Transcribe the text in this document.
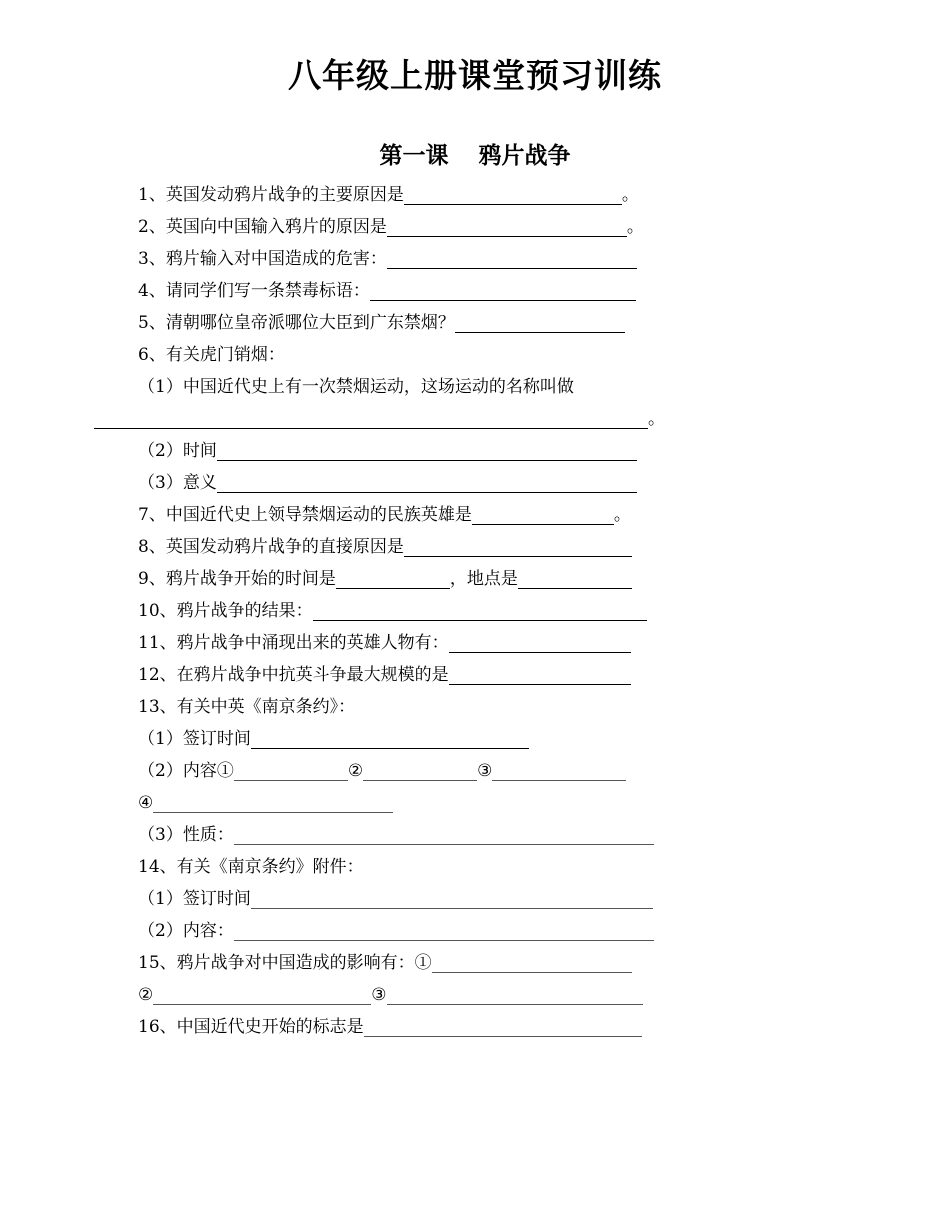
八年级上册课堂预习训练
第一课 鸦片战争
1、英国发动鸦片战争的主要原因是	。
2、英国向中国输入鸦片的原因是	。
3、鸦片输入对中国造成的危害：
4、请同学们写一条禁毒标语：
5、清朝哪位皇帝派哪位大臣到广东禁烟？
6、有关虎门销烟：
（1）中国近代史上有一次禁烟运动，这场运动的名称叫做
。
（2）时间
（3）意义
7、中国近代史上领导禁烟运动的民族英雄是	。
8、英国发动鸦片战争的直接原因是
9、鸦片战争开始的时间是	，地点是
10、鸦片战争的结果：
11、鸦片战争中涌现出来的英雄人物有：
12、在鸦片战争中抗英斗争最大规模的是
13、有关中英《南京条约》：
（1）签订时间
（2）内容①	②	③
④
（3）性质：
14、有关《南京条约》附件：
（1）签订时间
（2）内容：
15、鸦片战争对中国造成的影响有：①
②	③
16、中国近代史开始的标志是
